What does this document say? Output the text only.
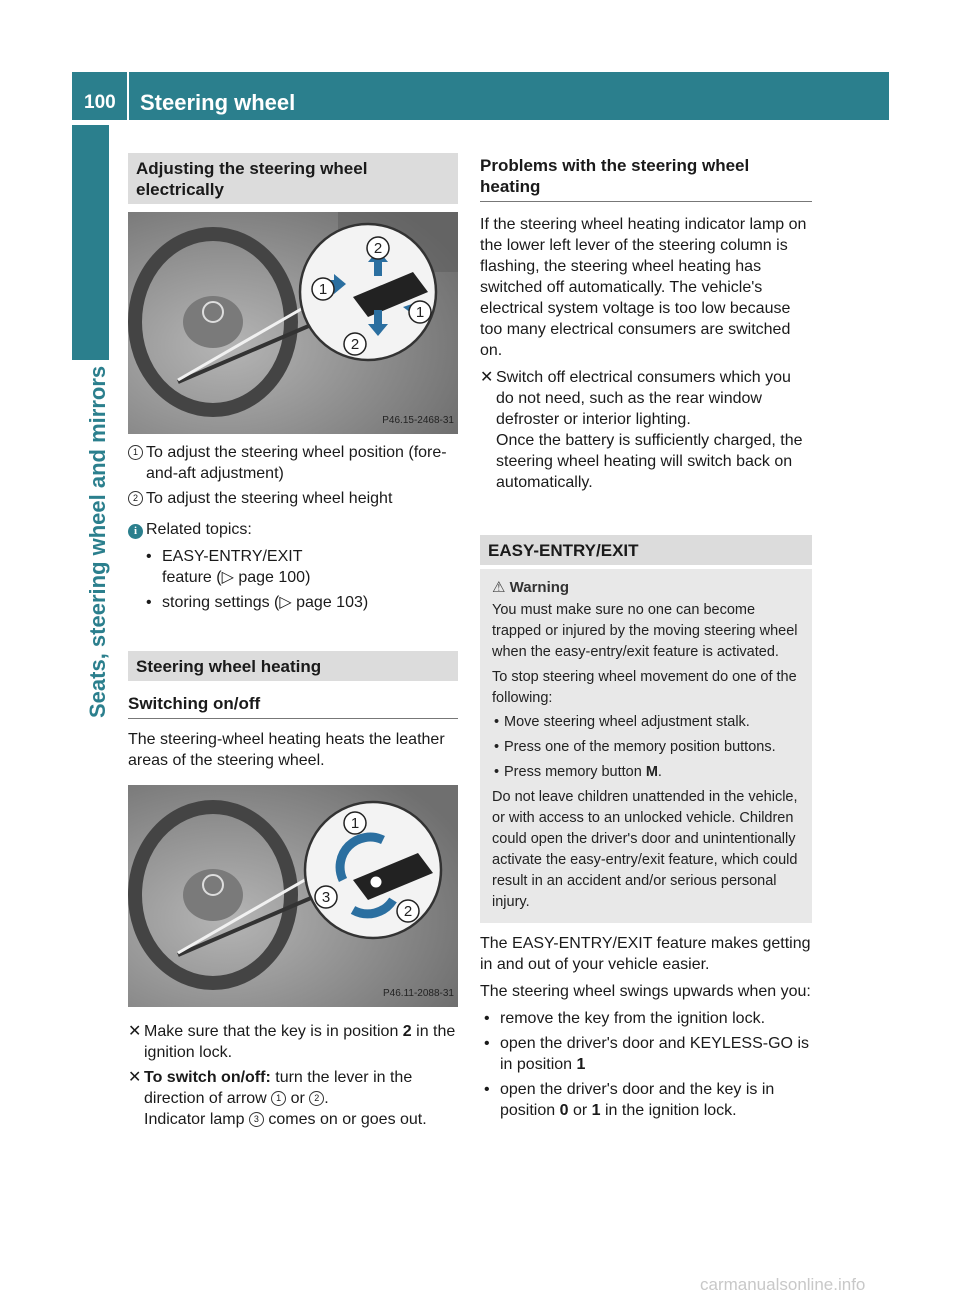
100 Steering wheel
Seats, steering wheel and mirrors
Adjusting the steering wheel electrically
1
2
1
2
P46.15-2468-31
1 To adjust the steering wheel position (fore-and-aft adjustment)
2 To adjust the steering wheel height
i Related topics:
• EASY-ENTRY/EXIT feature (▷ page 100)
• storing settings (▷ page 103)
Steering wheel heating
Switching on/off

The steering-wheel heating heats the leather areas of the steering wheel.

1
2
3
P46.11-2088-31
✕ Make sure that the key is in position 2 in the ignition lock.
✕ To switch on/off: turn the lever in the direction of arrow 1 or 2 .
Indicator lamp 3 comes on or goes out.
Problems with the steering wheel heating

If the steering wheel heating indicator lamp on the lower left lever of the steering column is flashing, the steering wheel heating has switched off automatically. The vehicle's electrical system voltage is too low because too many electrical consumers are switched on.

✕ Switch off electrical consumers which you do not need, such as the rear window defroster or interior lighting.
Once the battery is sufficiently charged, the steering wheel heating will switch back on automatically.
EASY-ENTRY/EXIT

⚠ Warning

You must make sure no one can become trapped or injured by the moving steering wheel when the easy-entry/exit feature is activated.

To stop steering wheel movement do one of the following:

• Move steering wheel adjustment stalk.
• Press one of the memory position buttons.
• Press memory button M.

Do not leave children unattended in the vehicle, or with access to an unlocked vehicle. Children could open the driver's door and unintentionally activate the easy-entry/exit feature, which could result in an accident and/or serious personal injury.

The EASY-ENTRY/EXIT feature makes getting in and out of your vehicle easier.

The steering wheel swings upwards when you:

• remove the key from the ignition lock.
• open the driver's door and KEYLESS-GO is in position 1
• open the driver's door and the key is in position 0 or 1 in the ignition lock.
carmanualsonline.info
